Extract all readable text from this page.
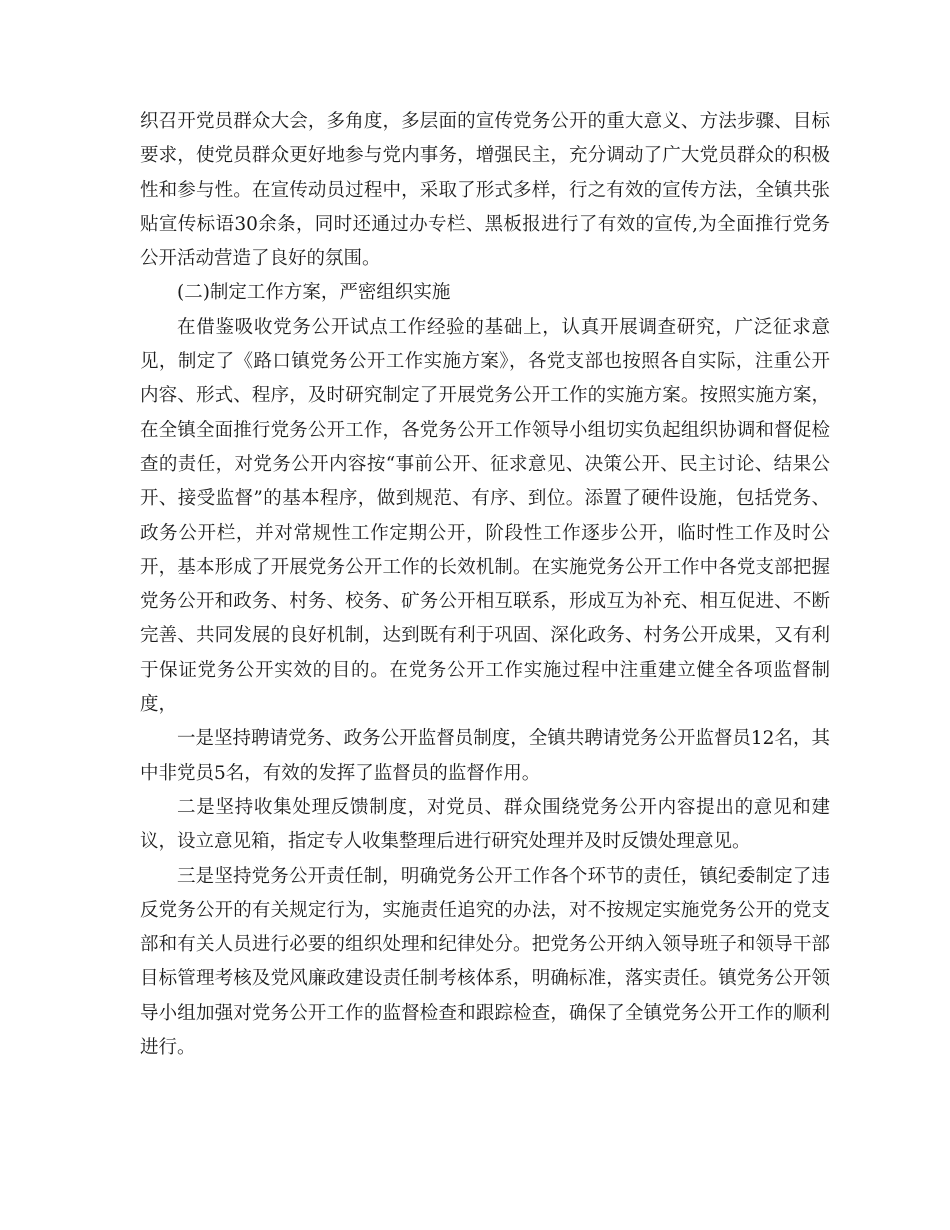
织召开党员群众大会，多角度，多层面的宣传党务公开的重大意义、方法步骤、目标要求，使党员群众更好地参与党内事务，增强民主，充分调动了广大党员群众的积极性和参与性。在宣传动员过程中，采取了形式多样，行之有效的宣传方法，全镇共张贴宣传标语30余条，同时还通过办专栏、黑板报进行了有效的宣传,为全面推行党务公开活动营造了良好的氛围。

(二)制定工作方案，严密组织实施

在借鉴吸收党务公开试点工作经验的基础上，认真开展调查研究，广泛征求意见，制定了《路口镇党务公开工作实施方案》，各党支部也按照各自实际，注重公开内容、形式、程序，及时研究制定了开展党务公开工作的实施方案。按照实施方案，在全镇全面推行党务公开工作，各党务公开工作领导小组切实负起组织协调和督促检查的责任，对党务公开内容按“事前公开、征求意见、决策公开、民主讨论、结果公开、接受监督”的基本程序，做到规范、有序、到位。添置了硬件设施，包括党务、政务公开栏，并对常规性工作定期公开，阶段性工作逐步公开，临时性工作及时公开，基本形成了开展党务公开工作的长效机制。在实施党务公开工作中各党支部把握党务公开和政务、村务、校务、矿务公开相互联系，形成互为补充、相互促进、不断完善、共同发展的良好机制，达到既有利于巩固、深化政务、村务公开成果，又有利于保证党务公开实效的目的。在党务公开工作实施过程中注重建立健全各项监督制度，

一是坚持聘请党务、政务公开监督员制度，全镇共聘请党务公开监督员12名，其中非党员5名，有效的发挥了监督员的监督作用。

二是坚持收集处理反馈制度，对党员、群众围绕党务公开内容提出的意见和建议，设立意见箱，指定专人收集整理后进行研究处理并及时反馈处理意见。

三是坚持党务公开责任制，明确党务公开工作各个环节的责任，镇纪委制定了违反党务公开的有关规定行为，实施责任追究的办法，对不按规定实施党务公开的党支部和有关人员进行必要的组织处理和纪律处分。把党务公开纳入领导班子和领导干部目标管理考核及党风廉政建设责任制考核体系，明确标准，落实责任。镇党务公开领导小组加强对党务公开工作的监督检查和跟踪检查，确保了全镇党务公开工作的顺利进行。
